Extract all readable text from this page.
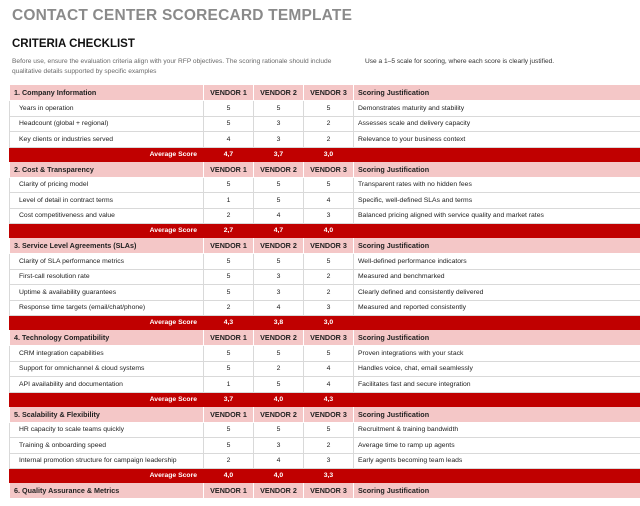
CONTACT CENTER SCORECARD TEMPLATE
CRITERIA CHECKLIST
Before use, ensure the evaluation criteria align with your RFP objectives. The scoring rationale should include qualitative details supported by specific examples
Use a 1–5 scale for scoring, where each score is clearly justified.
1. Company Information	VENDOR 1	VENDOR 2	VENDOR 3	Scoring Justification
Years in operation	5	5	5	Demonstrates maturity and stability
Headcount (global + regional)	5	3	2	Assesses scale and delivery capacity
Key clients or industries served	4	3	2	Relevance to your business context
Average Score	4,7	3,7	3,0	
2. Cost & Transparency	VENDOR 1	VENDOR 2	VENDOR 3	Scoring Justification
Clarity of pricing model	5	5	5	Transparent rates with no hidden fees
Level of detail in contract terms	1	5	4	Specific, well-defined SLAs and terms
Cost competitiveness and value	2	4	3	Balanced pricing aligned with service quality and market rates
Average Score	2,7	4,7	4,0	
3. Service Level Agreements (SLAs)	VENDOR 1	VENDOR 2	VENDOR 3	Scoring Justification
Clarity of SLA performance metrics	5	5	5	Well-defined performance indicators
First-call resolution rate	5	3	2	Measured and benchmarked
Uptime & availability guarantees	5	3	2	Clearly defined and consistently delivered
Response time targets (email/chat/phone)	2	4	3	Measured and reported consistently
Average Score	4,3	3,8	3,0	
4. Technology Compatibility	VENDOR 1	VENDOR 2	VENDOR 3	Scoring Justification
CRM integration capabilities	5	5	5	Proven integrations with your stack
Support for omnichannel & cloud systems	5	2	4	Handles voice, chat, email seamlessly
API availability and documentation	1	5	4	Facilitates fast and secure integration
Average Score	3,7	4,0	4,3	
5. Scalability & Flexibility	VENDOR 1	VENDOR 2	VENDOR 3	Scoring Justification
HR capacity to scale teams quickly	5	5	5	Recruitment & training bandwidth
Training & onboarding speed	5	3	2	Average time to ramp up agents
Internal promotion structure for campaign leadership	2	4	3	Early agents becoming team leads
Average Score	4,0	4,0	3,3	
6. Quality Assurance & Metrics	VENDOR 1	VENDOR 2	VENDOR 3	Scoring Justification
